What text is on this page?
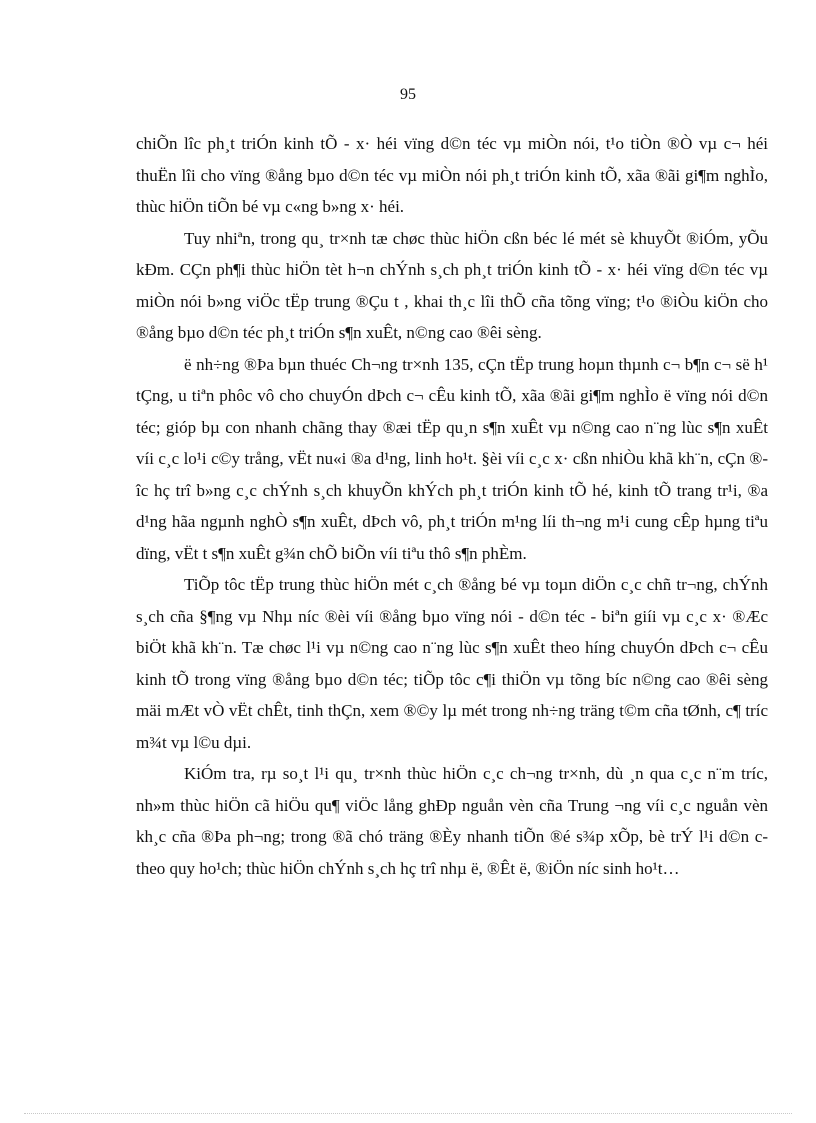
95

chiÕn lîc ph¸t triÓn kinh tÕ - x· héi vïng d©n téc vµ miÒn nói, t¹o tiÒn ®Ò vµ c¬ héi thuËn lîi cho vïng ®ång bµo d©n téc vµ miÒn nói ph¸t triÓn kinh tÕ, xãa ®ãi gi¶m nghÌo, thùc hiÖn tiÕn bé vµ c«ng b»ng x· héi.

Tuy nhiªn, trong qu¸ tr×nh tæ chøc thùc hiÖn cßn béc lé mét sè khuyÕt ®iÓm, yÕu kÐm. CÇn ph¶i thùc hiÖn tèt h¬n chÝnh s¸ch ph¸t triÓn kinh tÕ - x· héi vïng d©n téc vµ miÒn nói b»ng viÖc tËp trung ®Çu t , khai th¸c lîi thÕ cña tõng vïng; t¹o ®iÒu kiÖn cho ®ång bµo d©n téc ph¸t triÓn s¶n xuÊt, n©ng cao ®êi sèng.

ë nh÷ng ®Þa bµn thuéc Ch¬ng tr×nh 135, cÇn tËp trung hoµn thµnh c¬ b¶n c¬ së h¹ tÇng, u tiªn phôc vô cho chuyÓn dÞch c¬ cÊu kinh tÕ, xãa ®ãi gi¶m nghÌo ë vïng nói d©n téc; gióp bµ con nhanh chãng thay ®æi tËp qu¸n s¶n xuÊt vµ n©ng cao n¨ng lùc s¶n xuÊt víi c¸c lo¹i c©y trång, vËt nu«i ®a d¹ng, linh ho¹t. §èi víi c¸c x· cßn nhiÒu khã kh¨n, cÇn ®îc hç trî b»ng c¸c chÝnh s¸ch khuyÕn khÝch ph¸t triÓn kinh tÕ hé, kinh tÕ trang tr¹i, ®a d¹ng hãa ngµnh nghÒ s¶n xuÊt, dÞch vô, ph¸t triÓn m¹ng líi th¬ng m¹i cung cÊp hµng tiªu dïng, vËt t s¶n xuÊt g¾n chÕ biÕn víi tiªu thô s¶n phÈm.

TiÕp tôc tËp trung thùc hiÖn mét c¸ch ®ång bé vµ toµn diÖn c¸c chñ tr¬ng, chÝnh s¸ch cña §¶ng vµ Nhµ níc ®èi víi ®ång bµo vïng nói - d©n téc - biªn giíi vµ c¸c x· ®Æc biÖt khã kh¨n. Tæ chøc l¹i vµ n©ng cao n¨ng lùc s¶n xuÊt theo híng chuyÓn dÞch c¬ cÊu kinh tÕ trong vïng ®ång bµo d©n téc; tiÕp tôc c¶i thiÖn vµ tõng bíc n©ng cao ®êi sèng mäi mÆt vÒ vËt chÊt, tinh thÇn, xem ®©y lµ mét trong nh÷ng träng t©m cña tØnh, c¶ tríc m¾t vµ l©u dµi.

KiÓm tra, rµ so¸t l¹i qu¸ tr×nh thùc hiÖn c¸c ch¬ng tr×nh, dù ¸n qua c¸c n¨m tríc, nh»m thùc hiÖn cã hiÖu qu¶ viÖc lång ghÐp nguån vèn cña Trung ¬ng víi c¸c nguån vèn kh¸c cña ®Þa ph¬ng; trong ®ã chó träng ®Èy nhanh tiÕn ®é s¾p xÕp, bè trÝ l¹i d©n c theo quy ho¹ch; thùc hiÖn chÝnh s¸ch hç trî nhµ ë, ®Êt ë, ®iÖn níc sinh ho¹t…
